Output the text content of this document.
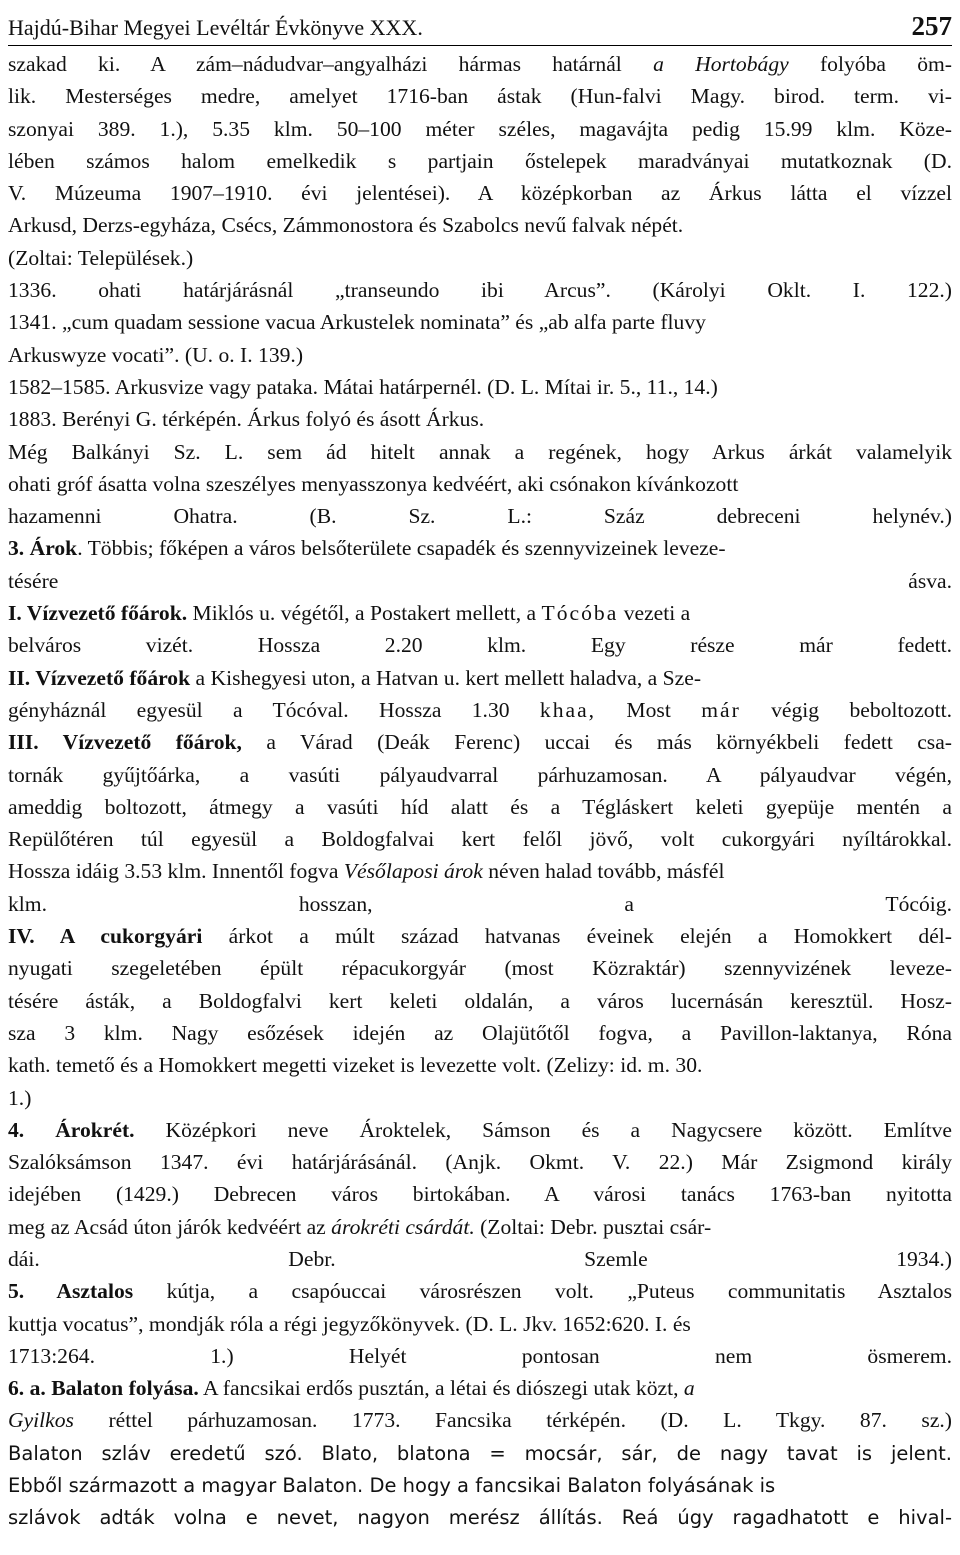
Hajdú-Bihar Megyei Levéltár Évkönyve XXX.	257
szakad ki. A zám–nádudvar–angyalházi hármas határnál a Hortobágy folyóba öm-
lik. Mesterséges medre, amelyet 1716-ban ástak (Hun-falvi Magy. birod. term. vi-
szonyai 389. 1.), 5.35 klm. 50–100 méter széles, magavájta pedig 15.99 klm. Köze-
lében számos halom emelkedik s partjain őstelepek maradványai mutatkoznak (D.
V. Múzeuma 1907–1910. évi jelentései). A középkorban az Árkus látta el vízzel
Arkusd, Derzs-egyháza, Csécs, Zámmonostora és Szabolcs nevű falvak népét.
(Zoltai: Települések.)
1336. ohati határjárásnál „transeundo ibi Arcus”. (Károlyi Oklt. I. 122.)
1341. „cum quadam sessione vacua Arkustelek nominata” és „ab alfa parte fluvy
Arkuswyze vocati”. (U. o. I. 139.)
1582–1585. Arkusvize vagy pataka. Mátai határpernél. (D. L. Mítai ir. 5., 11., 14.)
1883. Berényi G. térképén. Árkus folyó és ásott Árkus.
Még Balkányi Sz. L. sem ád hitelt annak a regének, hogy Arkus árkát valamelyik
ohati gróf ásatta volna szeszélyes menyasszonya kedvéért, aki csónakon kívánkozott
hazamenni Ohatra. (B. Sz. L.: Száz debreceni helynév.)
3. Árok. Többis; főképen a város belsőterülete csapadék és szennyvizeinek leveze-
tésére ásva.
I. Vízvezető főárok. Miklós u. végétől, a Postakert mellett, a Tócóba vezeti a
belváros vizét. Hossza 2.20 klm. Egy része már fedett.
II. Vízvezető főárok a Kishegyesi uton, a Hatvan u. kert mellett haladva, a Sze-
gényháznál egyesül a Tócóval. Hossza 1.30 khaa, Most már végig beboltozott.
III. Vízvezető főárok, a Várad (Deák Ferenc) uccai és más környékbeli fedett csa-
tornák gyűjtőárka, a vasúti pályaudvarral párhuzamosan. A pályaudvar végén,
ameddig boltozott, átmegy a vasúti híd alatt és a Tégláskert keleti gyepüje mentén a
Repülőtéren túl egyesül a Boldogfalvai kert felől jövő, volt cukorgyári nyíltárokkal.
Hossza idáig 3.53 klm. Innentől fogva Vésőlaposi árok néven halad tovább, másfél
klm. hosszan, a Tócóig.
IV. A cukorgyári árkot a múlt század hatvanas éveinek elején a Homokkert dél-
nyugati szegeletében épült répacukorgyár (most Közraktár) szennyvizének leveze-
tésére ásták, a Boldogfalvi kert keleti oldalán, a város lucernásán keresztül. Hosz-
sza 3 klm. Nagy esőzések idején az Olajütőtől fogva, a Pavillon-laktanya, Róna
kath. temető és a Homokkert megetti vizeket is levezette volt. (Zelizy: id. m. 30.
1.)
4. Árokrét. Középkori neve Ároktelek, Sámson és a Nagycsere között. Említve
Szalóksámson 1347. évi határjárásánál. (Anjk. Okmt. V. 22.) Már Zsigmond király
idejében (1429.) Debrecen város birtokában. A városi tanács 1763-ban nyitotta
meg az Acsád úton járók kedvéért az árokréti csárdát. (Zoltai: Debr. pusztai csár-
dái. Debr. Szemle 1934.)
5. Asztalos kútja, a csapóuccai városrészen volt. „Puteus communitatis Asztalos
kuttja vocatus”, mondják róla a régi jegyzőkönyvek. (D. L. Jkv. 1652:620. I. és
1713:264. 1.) Helyét pontosan nem ösmerem.
6. a. Balaton folyása. A fancsikai erdős pusztán, a létai és diószegi utak közt, a
Gyilkos réttel párhuzamosan. 1773. Fancsika térképén. (D. L. Tkgy. 87. sz.)
Balaton szláv eredetű szó. Blato, blatona = mocsár, sár, de nagy tavat is jelent.
Ebből származott a magyar Balaton. De hogy a fancsikai Balaton folyásának is
szlávok adták volna e nevet, nagyon merész állítás. Reá úgy ragadhatott e hival-
